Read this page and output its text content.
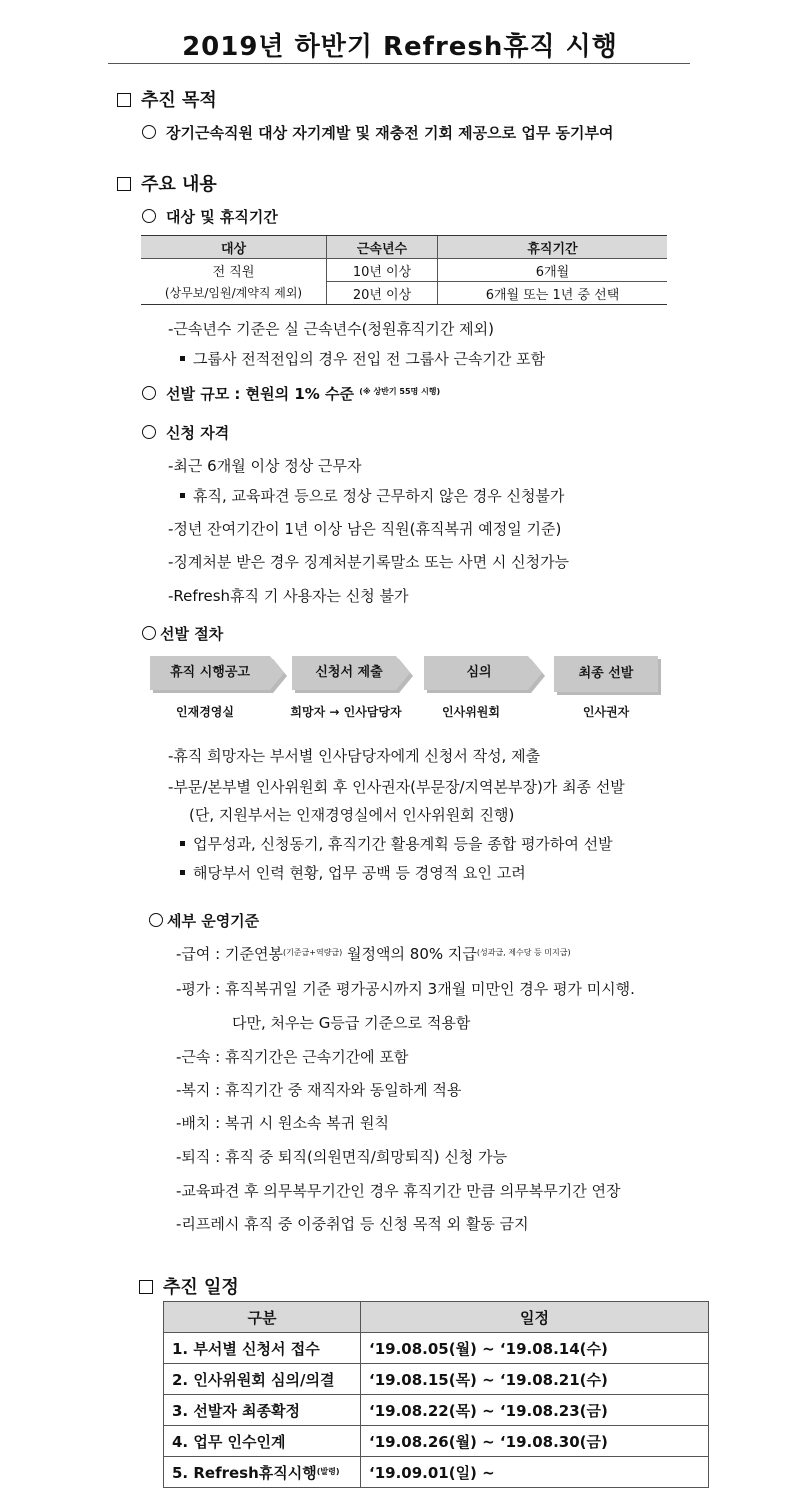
2019년 하반기 Refresh휴직 시행
추진 목적
장기근속직원 대상 자기계발 및 재충전 기회 제공으로 업무 동기부여
주요 내용
대상 및 휴직기간
대상	근속년수	휴직기간
전 직원	10년 이상	6개월
(상무보/임원/계약직 제외)	20년 이상	6개월 또는 1년 중 선택
-근속년수 기준은 실 근속년수(청원휴직기간 제외)
그룹사 전적전입의 경우 전입 전 그룹사 근속기간 포함
선발 규모 : 현원의 1% 수준 $^{(※ 상반기 55명 시행)}$
신청 자격
-최근 6개월 이상 정상 근무자
휴직, 교육파견 등으로 정상 근무하지 않은 경우 신청불가
-정년 잔여기간이 1년 이상 남은 직원(휴직복귀 예정일 기준)
-징계처분 받은 경우 징계처분기록말소 또는 사면 시 신청가능
-Refresh휴직 기 사용자는 신청 불가
선발 절차
휴직 시행공고	신청서 제출	심의	최종 선발
인재경영실	희망자 → 인사담당자	인사위원회	인사권자
-휴직 희망자는 부서별 인사담당자에게 신청서 작성, 제출
-부문/본부별 인사위원회 후 인사권자(부문장/지역본부장)가 최종 선발
(단, 지원부서는 인재경영실에서 인사위원회 진행)
업무성과, 신청동기, 휴직기간 활용계획 등을 종합 평가하여 선발
해당부서 인력 현황, 업무 공백 등 경영적 요인 고려
세부 운영기준
-급여 : 기준연봉$^{(기준급+역량급)}$ 월정액의 80% 지급$^{(성과급, 제수당 등 미지급)}$
-평가 : 휴직복귀일 기준 평가공시까지 3개월 미만인 경우 평가 미시행.
다만, 처우는 G등급 기준으로 적용함
-근속 : 휴직기간은 근속기간에 포함
-복지 : 휴직기간 중 재직자와 동일하게 적용
-배치 : 복귀 시 원소속 복귀 원칙
-퇴직 : 휴직 중 퇴직(의원면직/희망퇴직) 신청 가능
-교육파견 후 의무복무기간인 경우 휴직기간 만큼 의무복무기간 연장
-리프레시 휴직 중 이중취업 등 신청 목적 외 활동 금지
추진 일정
구분	일정
1. 부서별 신청서 접수	‘19.08.05(월) ~ ‘19.08.14(수)
2. 인사위원회 심의/의결	‘19.08.15(목) ~ ‘19.08.21(수)
3. 선발자 최종확정	‘19.08.22(목) ~ ‘19.08.23(금)
4. 업무 인수인계	‘19.08.26(월) ~ ‘19.08.30(금)
5. Refresh휴직시행$^{(발령)}$	‘19.09.01(일) ~
